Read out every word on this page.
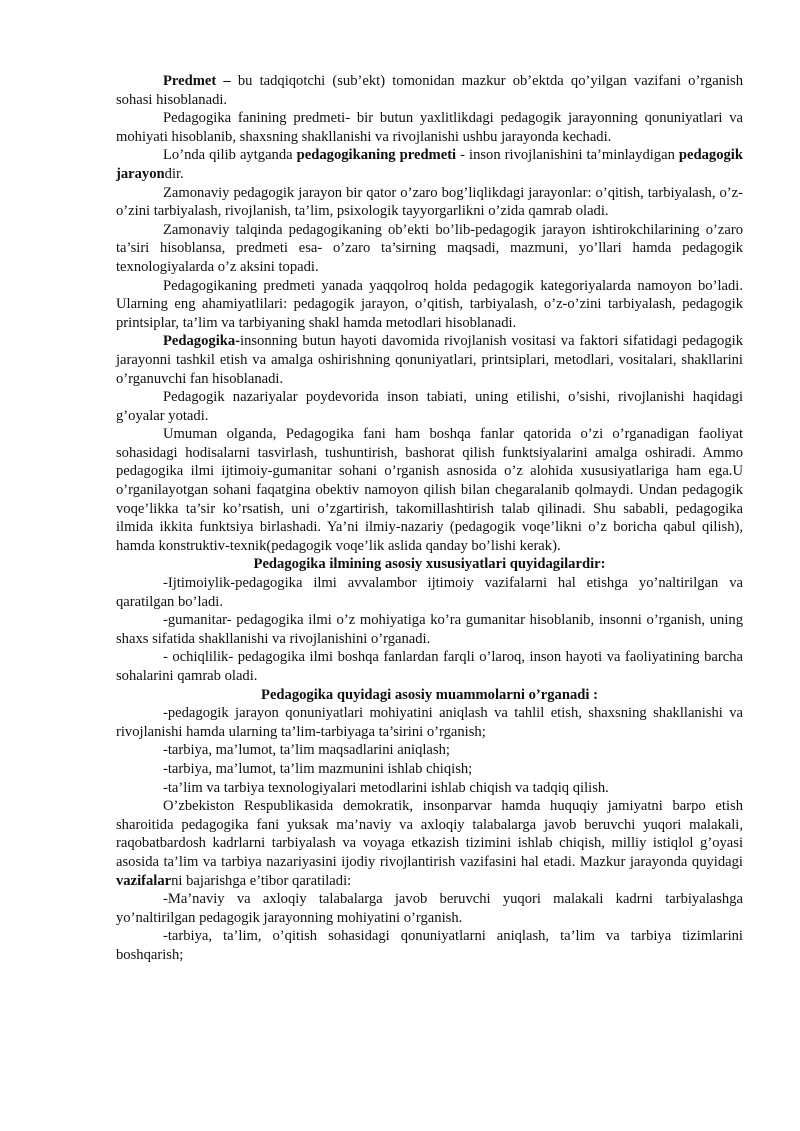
Predmet – bu tadqiqotchi (sub’ekt) tomonidan mazkur ob’ektda qo’yilgan vazifani o’rganish sohasi hisoblanadi.

Pedagogika fanining predmeti- bir butun yaxlitlikdagi pedagogik jarayonning qonuniyatlari va mohiyati hisoblanib, shaxsning shakllanishi va rivojlanishi ushbu jarayonda kechadi.

Lo’nda qilib aytganda pedagogikaning predmeti - inson rivojlanishini ta’minlaydigan pedagogik jarayondir.

Zamonaviy pedagogik jarayon bir qator o’zaro bog’liqlikdagi jarayonlar: o’qitish, tarbiyalash, o’z-o’zini tarbiyalash, rivojlanish, ta’lim, psixologik tayyorgarlikni o’zida qamrab oladi.

Zamonaviy talqinda pedagogikaning ob’ekti bo’lib-pedagogik jarayon ishtirokchilarining o’zaro ta’siri hisoblansa, predmeti esa- o’zaro ta’sirning maqsadi, mazmuni, yo’llari hamda pedagogik texnologiyalarda o’z aksini topadi.

Pedagogikaning predmeti yanada yaqqolroq holda pedagogik kategoriyalarda namoyon bo’ladi. Ularning eng ahamiyatlilari: pedagogik jarayon, o’qitish, tarbiyalash, o’z-o’zini tarbiyalash, pedagogik printsiplar, ta’lim va tarbiyaning shakl hamda metodlari hisoblanadi.

Pedagogika-insonning butun hayoti davomida rivojlanish vositasi va faktori sifatidagi pedagogik jarayonni tashkil etish va amalga oshirishning qonuniyatlari, printsiplari, metodlari, vositalari, shakllarini o’rganuvchi fan hisoblanadi.

Pedagogik nazariyalar poydevorida inson tabiati, uning etilishi, o’sishi, rivojlanishi haqidagi g’oyalar yotadi.

Umuman olganda, Pedagogika fani ham boshqa fanlar qatorida o’zi o’rganadigan faoliyat sohasidagi hodisalarni tasvirlash, tushuntirish, bashorat qilish funktsiyalarini amalga oshiradi. Ammo pedagogika ilmi ijtimoiy-gumanitar sohani o’rganish asnosida o’z alohida xususiyatlariga ham ega.U o’rganilayotgan sohani faqatgina obektiv namoyon qilish bilan chegaralanib qolmaydi. Undan pedagogik voqe’likka ta’sir ko’rsatish, uni o’zgartirish, takomillashtirish talab qilinadi. Shu sababli, pedagogika ilmida ikkita funktsiya birlashadi. Ya’ni ilmiy-nazariy (pedagogik voqe’likni o’z boricha qabul qilish), hamda konstruktiv-texnik(pedagogik voqe’lik aslida qanday bo’lishi kerak).

Pedagogika ilmining asosiy xususiyatlari quyidagilardir:

-Ijtimoiylik-pedagogika ilmi avvalambor ijtimoiy vazifalarni hal etishga yo’naltirilgan va qaratilgan bo’ladi.

-gumanitar- pedagogika ilmi o’z mohiyatiga ko’ra gumanitar hisoblanib, insonni o’rganish, uning shaxs sifatida shakllanishi va rivojlanishini o’rganadi.

- ochiqlilik- pedagogika ilmi boshqa fanlardan farqli o’laroq, inson hayoti va faoliyatining barcha sohalarini qamrab oladi.

Pedagogika quyidagi asosiy muammolarni o’rganadi :

-pedagogik jarayon qonuniyatlari mohiyatini aniqlash va tahlil etish, shaxsning shakllanishi va rivojlanishi hamda ularning ta’lim-tarbiyaga ta’sirini o’rganish;

-tarbiya, ma’lumot, ta’lim maqsadlarini aniqlash;

-tarbiya, ma’lumot, ta’lim mazmunini ishlab chiqish;

-ta’lim va tarbiya texnologiyalari metodlarini ishlab chiqish va tadqiq qilish.

O’zbekiston Respublikasida demokratik, insonparvar hamda huquqiy jamiyatni barpo etish sharoitida pedagogika fani yuksak ma’naviy va axloqiy talabalarga javob beruvchi yuqori malakali, raqobatbardosh kadrlarni tarbiyalash va voyaga etkazish tizimini ishlab chiqish, milliy istiqlol g’oyasi asosida ta’lim va tarbiya nazariyasini ijodiy rivojlantirish vazifasini hal etadi. Mazkur jarayonda quyidagi vazifalarni bajarishga e’tibor qaratiladi:

-Ma’naviy va axloqiy talabalarga javob beruvchi yuqori malakali kadrni tarbiyalashga yo’naltirilgan pedagogik jarayonning mohiyatini o’rganish.

-tarbiya, ta’lim, o’qitish sohasidagi qonuniyatlarni aniqlash, ta’lim va tarbiya tizimlarini boshqarish;
